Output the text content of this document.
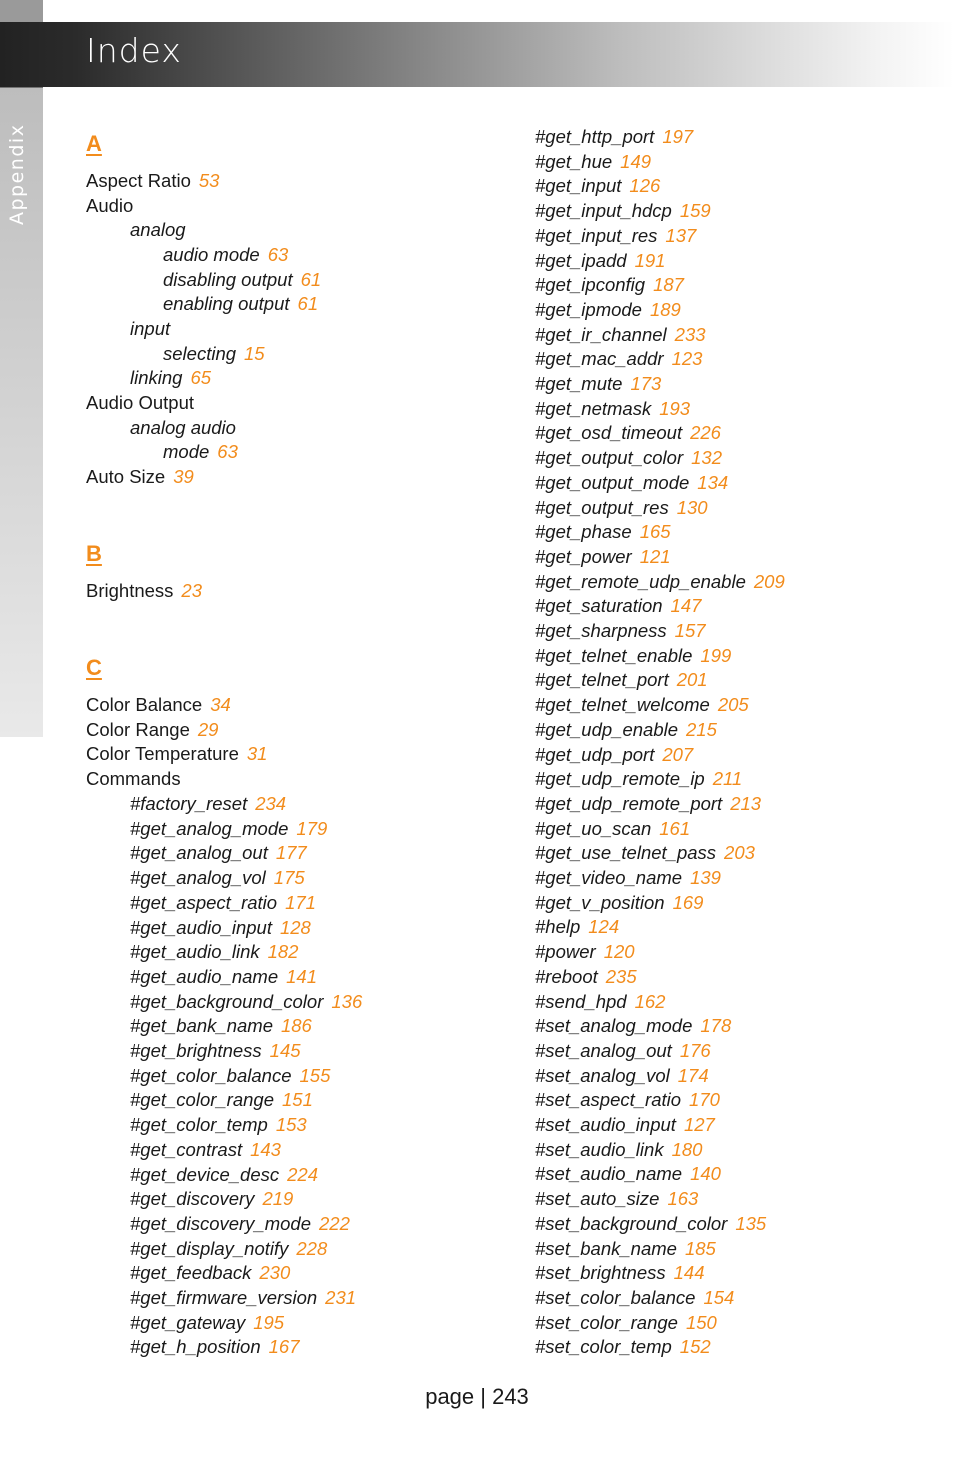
Appendix
Index
A
Aspect Ratio 53
Audio
analog
audio mode 63
disabling output 61
enabling output 61
input
selecting 15
linking 65
Audio Output
analog audio
mode 63
Auto Size 39
B
Brightness 23
C
Color Balance 34
Color Range 29
Color Temperature 31
Commands
#factory_reset 234
#get_analog_mode 179
#get_analog_out 177
#get_analog_vol 175
#get_aspect_ratio 171
#get_audio_input 128
#get_audio_link 182
#get_audio_name 141
#get_background_color 136
#get_bank_name 186
#get_brightness 145
#get_color_balance 155
#get_color_range 151
#get_color_temp 153
#get_contrast 143
#get_device_desc 224
#get_discovery 219
#get_discovery_mode 222
#get_display_notify 228
#get_feedback 230
#get_firmware_version 231
#get_gateway 195
#get_h_position 167
#get_http_port 197
#get_hue 149
#get_input 126
#get_input_hdcp 159
#get_input_res 137
#get_ipadd 191
#get_ipconfig 187
#get_ipmode 189
#get_ir_channel 233
#get_mac_addr 123
#get_mute 173
#get_netmask 193
#get_osd_timeout 226
#get_output_color 132
#get_output_mode 134
#get_output_res 130
#get_phase 165
#get_power 121
#get_remote_udp_enable 209
#get_saturation 147
#get_sharpness 157
#get_telnet_enable 199
#get_telnet_port 201
#get_telnet_welcome 205
#get_udp_enable 215
#get_udp_port 207
#get_udp_remote_ip 211
#get_udp_remote_port 213
#get_uo_scan 161
#get_use_telnet_pass 203
#get_video_name 139
#get_v_position 169
#help 124
#power 120
#reboot 235
#send_hpd 162
#set_analog_mode 178
#set_analog_out 176
#set_analog_vol 174
#set_aspect_ratio 170
#set_audio_input 127
#set_audio_link 180
#set_audio_name 140
#set_auto_size 163
#set_background_color 135
#set_bank_name 185
#set_brightness 144
#set_color_balance 154
#set_color_range 150
#set_color_temp 152
page | 243
